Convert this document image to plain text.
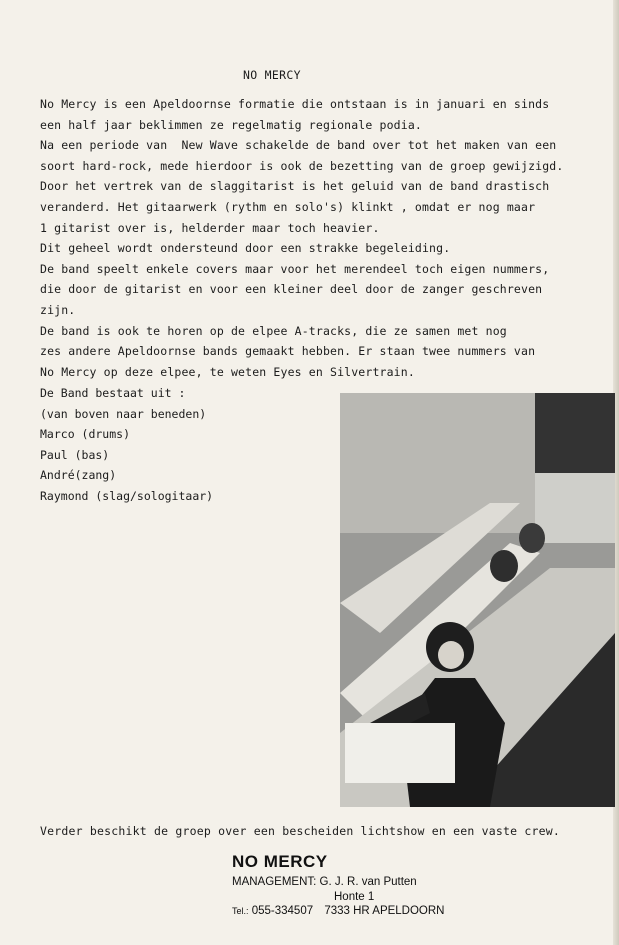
NO MERCY
No Mercy is een Apeldoornse formatie die ontstaan is in januari en sinds
een half jaar beklimmen ze regelmatig regionale podia.
Na een periode van  New Wave schakelde de band over tot het maken van een
soort hard-rock, mede hierdoor is ook de bezetting van de groep gewijzigd.
Door het vertrek van de slaggitarist is het geluid van de band drastisch
veranderd. Het gitaarwerk (rythm en solo's) klinkt , omdat er nog maar
1 gitarist over is, helderder maar toch heavier.
Dit geheel wordt ondersteund door een strakke begeleiding.
De band speelt enkele covers maar voor het merendeel toch eigen nummers,
die door de gitarist en voor een kleiner deel door de zanger geschreven
zijn.
De band is ook te horen op de elpee A-tracks, die ze samen met nog
zes andere Apeldoornse bands gemaakt hebben. Er staan twee nummers van
No Mercy op deze elpee, te weten Eyes en Silvertrain.
De Band bestaat uit :
(van boven naar beneden)
Marco (drums)
Paul (bas)
André(zang)
Raymond (slag/sologitaar)
Verder beschikt de groep over een bescheiden lichtshow en een vaste crew.
NO MERCY
MANAGEMENT: G. J. R. van Putten
Honte 1
Tel.: 055-334507 7333 HR APELDOORN
